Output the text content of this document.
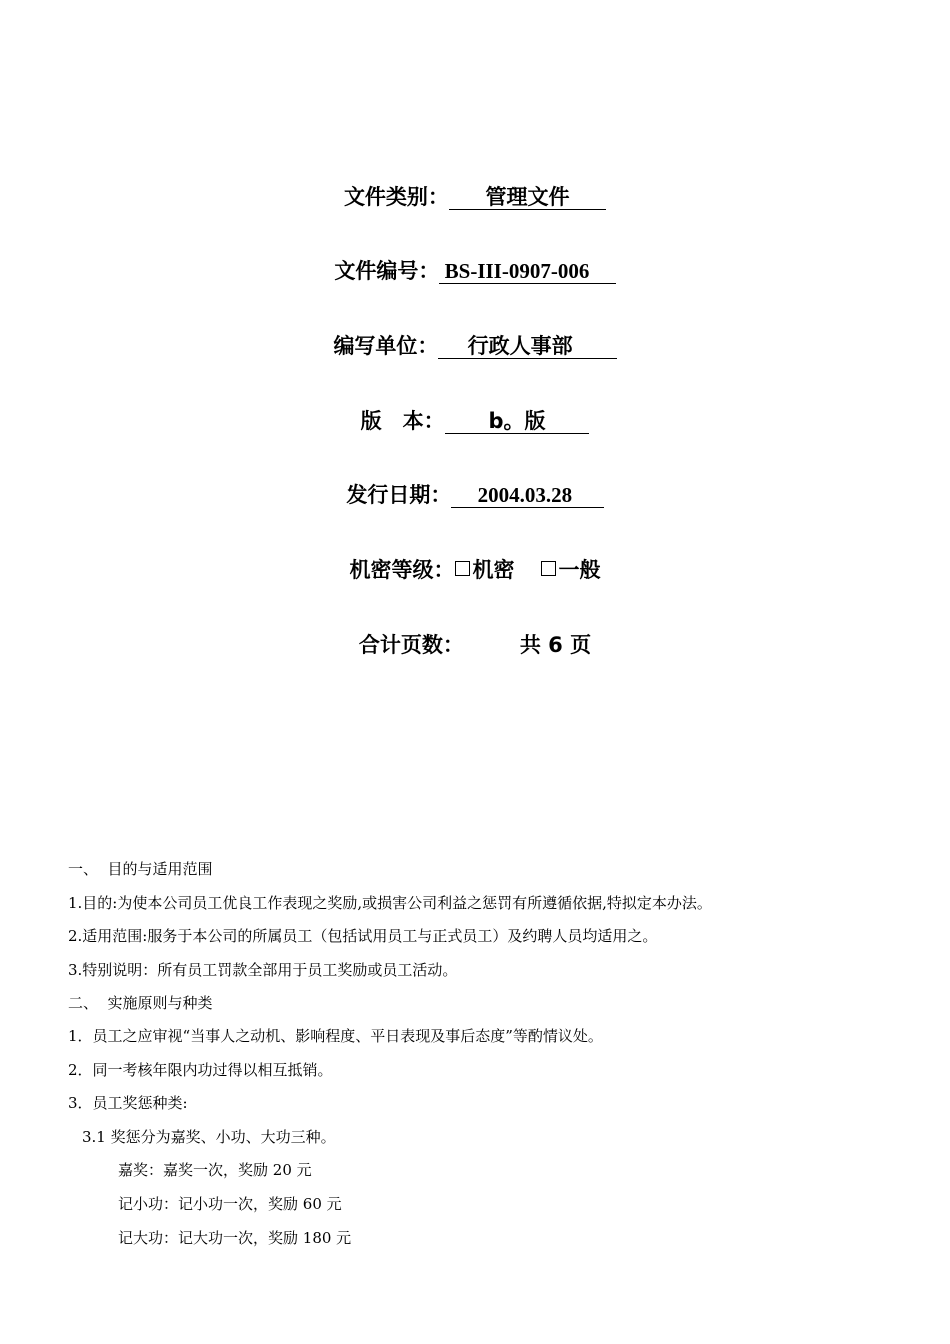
文件类别： 管理文件
文件编号： BS-III-0907-006
编写单位： 行政人事部
版　本： b。版
发行日期： 2004.03.28
机密等级： 机密 一般
合计页数：	共 6 页
一、  目的与适用范围
1.目的:为使本公司员工优良工作表现之奖励,或损害公司利益之惩罚有所遵循依据,特拟定本办法。
2.适用范围:服务于本公司的所属员工（包括试用员工与正式员工）及约聘人员均适用之。
3.特别说明：所有员工罚款全部用于员工奖励或员工活动。
二、  实施原则与种类
1．员工之应审视“当事人之动机、影响程度、平日表现及事后态度”等酌情议处。
2．同一考核年限内功过得以相互抵销。
3．员工奖惩种类:
3.1 奖惩分为嘉奖、小功、大功三种。
嘉奖：嘉奖一次，奖励 20 元
记小功：记小功一次，奖励 60 元
记大功：记大功一次，奖励 180 元
